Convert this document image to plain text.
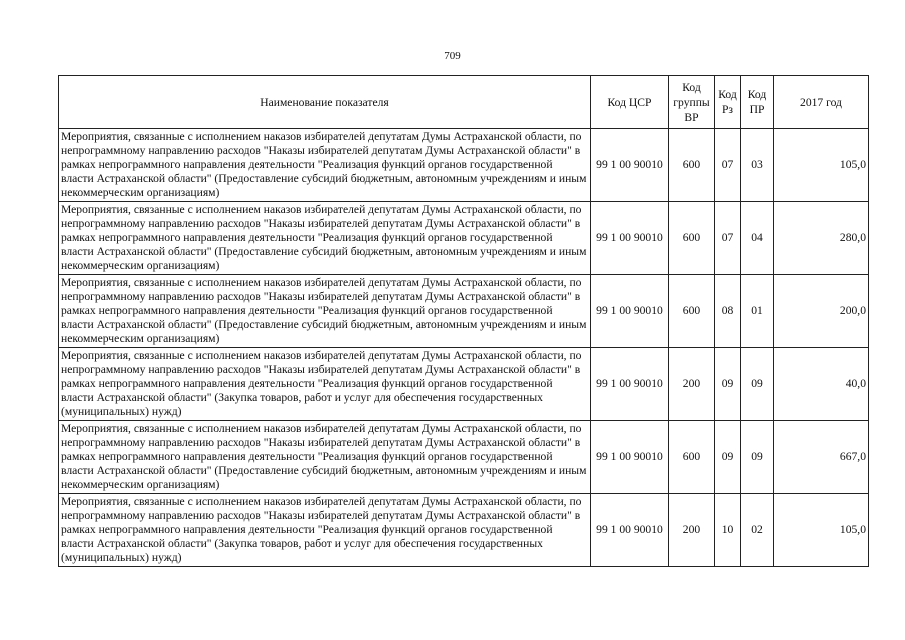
709
Наименование показателя	Код ЦСР	Код группы ВР	Код Рз	Код ПР	2017 год
Мероприятия, связанные с исполнением наказов избирателей депутатам Думы Астраханской области, по непрограммному направлению расходов "Наказы избирателей депутатам Думы Астраханской области" в рамках непрограммного направления деятельности "Реализация функций органов государственной власти Астраханской области" (Предоставление субсидий бюджетным, автономным учреждениям и иным некоммерческим организациям)	99 1 00 90010	600	07	03	105,0
Мероприятия, связанные с исполнением наказов избирателей депутатам Думы Астраханской области, по непрограммному направлению расходов "Наказы избирателей депутатам Думы Астраханской области" в рамках непрограммного направления деятельности "Реализация функций органов государственной власти Астраханской области" (Предоставление субсидий бюджетным, автономным учреждениям и иным некоммерческим организациям)	99 1 00 90010	600	07	04	280,0
Мероприятия, связанные с исполнением наказов избирателей депутатам Думы Астраханской области, по непрограммному направлению расходов "Наказы избирателей депутатам Думы Астраханской области" в рамках непрограммного направления деятельности "Реализация функций органов государственной власти Астраханской области" (Предоставление субсидий бюджетным, автономным учреждениям и иным некоммерческим организациям)	99 1 00 90010	600	08	01	200,0
Мероприятия, связанные с исполнением наказов избирателей депутатам Думы Астраханской области, по непрограммному направлению расходов "Наказы избирателей депутатам Думы Астраханской области" в рамках непрограммного направления деятельности "Реализация функций органов государственной власти Астраханской области" (Закупка товаров, работ и услуг для обеспечения государственных (муниципальных) нужд)	99 1 00 90010	200	09	09	40,0
Мероприятия, связанные с исполнением наказов избирателей депутатам Думы Астраханской области, по непрограммному направлению расходов "Наказы избирателей депутатам Думы Астраханской области" в рамках непрограммного направления деятельности "Реализация функций органов государственной власти Астраханской области" (Предоставление субсидий бюджетным, автономным учреждениям и иным некоммерческим организациям)	99 1 00 90010	600	09	09	667,0
Мероприятия, связанные с исполнением наказов избирателей депутатам Думы Астраханской области, по непрограммному направлению расходов "Наказы избирателей депутатам Думы Астраханской области" в рамках непрограммного направления деятельности "Реализация функций органов государственной власти Астраханской области" (Закупка товаров, работ и услуг для обеспечения государственных (муниципальных) нужд)	99 1 00 90010	200	10	02	105,0
